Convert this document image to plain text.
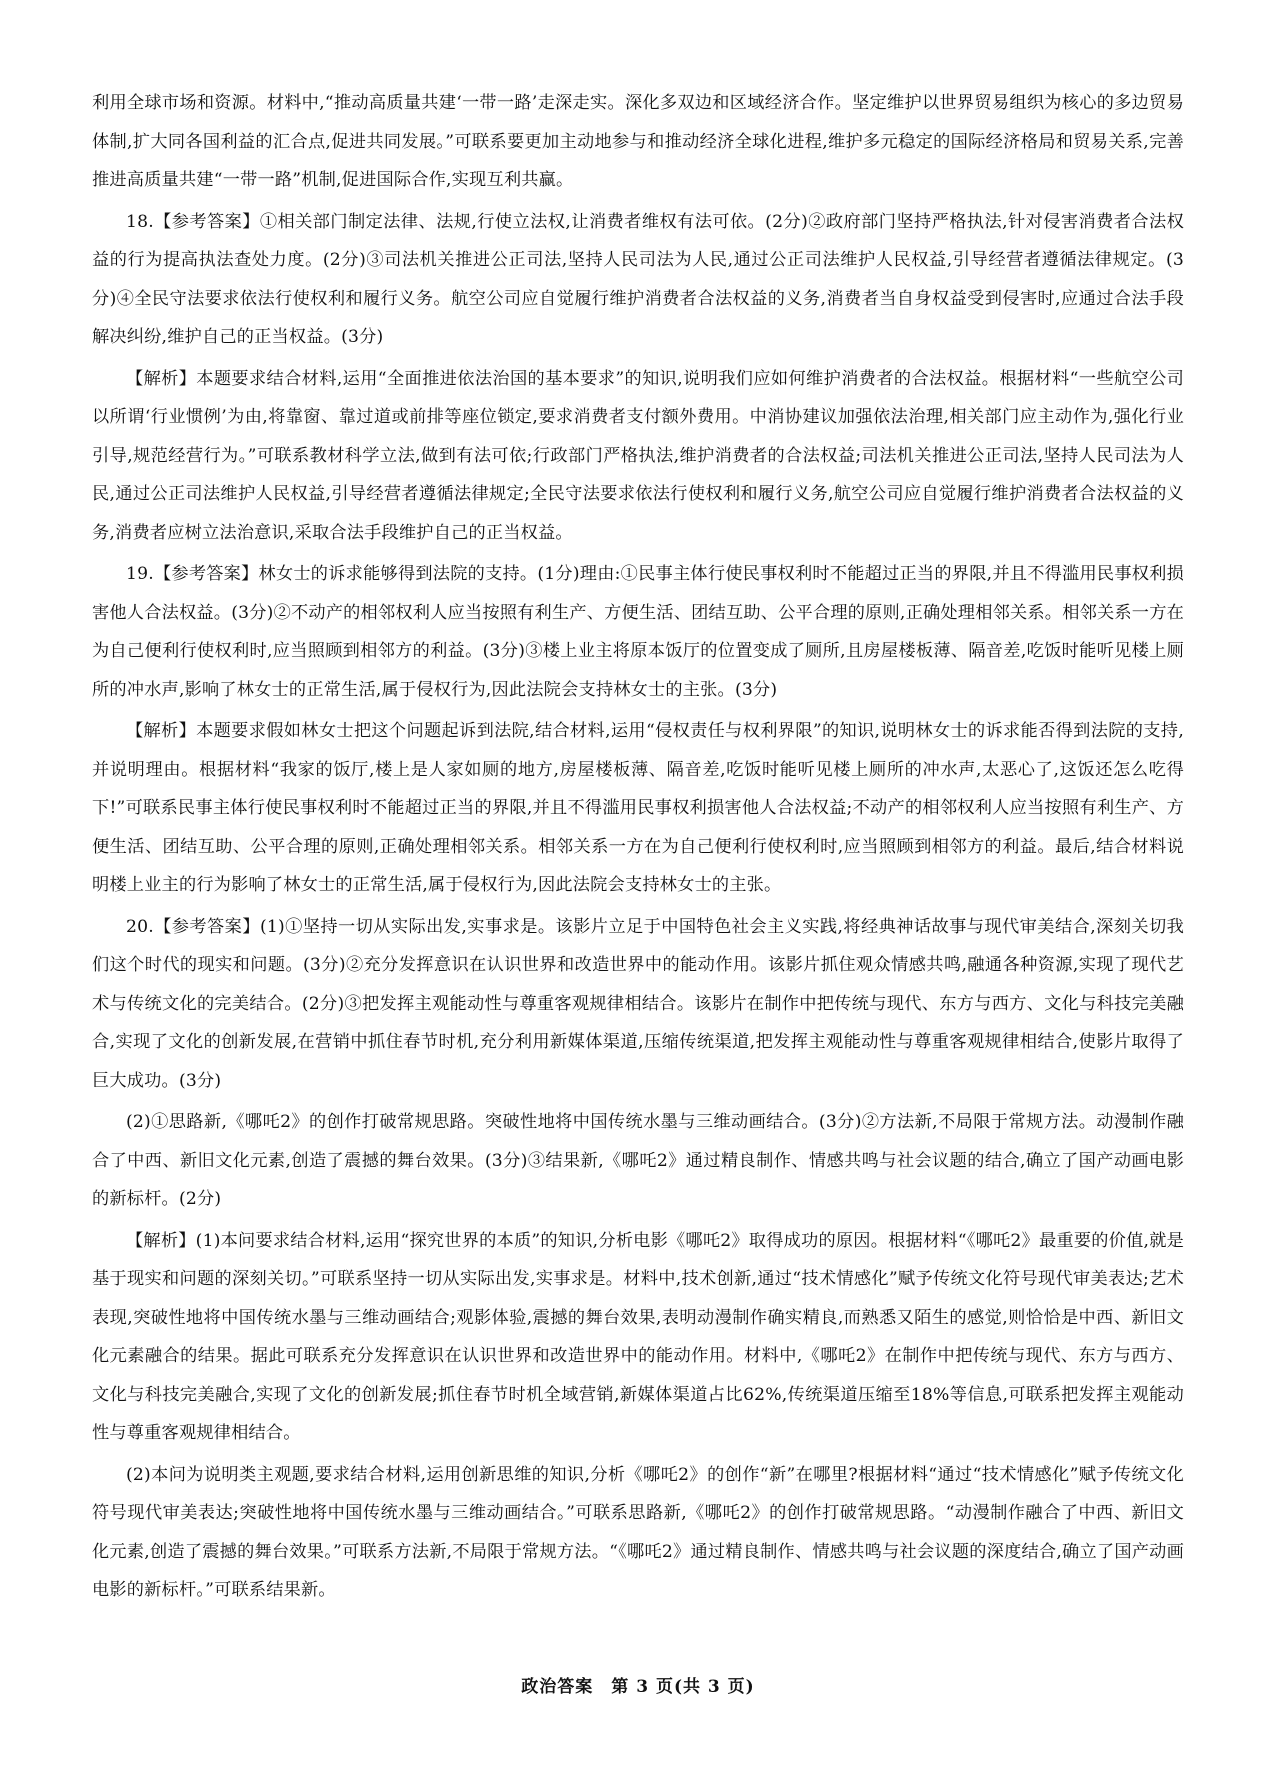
利用全球市场和资源。材料中,“推动高质量共建‘一带一路’走深走实。深化多双边和区域经济合作。坚定维护以世界贸易组织为核心的多边贸易体制,扩大同各国利益的汇合点,促进共同发展。”可联系要更加主动地参与和推动经济全球化进程,维护多元稳定的国际经济格局和贸易关系,完善推进高质量共建“一带一路”机制,促进国际合作,实现互利共赢。

18.【参考答案】①相关部门制定法律、法规,行使立法权,让消费者维权有法可依。(2分)②政府部门坚持严格执法,针对侵害消费者合法权益的行为提高执法查处力度。(2分)③司法机关推进公正司法,坚持人民司法为人民,通过公正司法维护人民权益,引导经营者遵循法律规定。(3分)④全民守法要求依法行使权利和履行义务。航空公司应自觉履行维护消费者合法权益的义务,消费者当自身权益受到侵害时,应通过合法手段解决纠纷,维护自己的正当权益。(3分)

【解析】本题要求结合材料,运用“全面推进依法治国的基本要求”的知识,说明我们应如何维护消费者的合法权益。根据材料“一些航空公司以所谓‘行业惯例’为由,将靠窗、靠过道或前排等座位锁定,要求消费者支付额外费用。中消协建议加强依法治理,相关部门应主动作为,强化行业引导,规范经营行为。”可联系教材科学立法,做到有法可依;行政部门严格执法,维护消费者的合法权益;司法机关推进公正司法,坚持人民司法为人民,通过公正司法维护人民权益,引导经营者遵循法律规定;全民守法要求依法行使权利和履行义务,航空公司应自觉履行维护消费者合法权益的义务,消费者应树立法治意识,采取合法手段维护自己的正当权益。

19.【参考答案】林女士的诉求能够得到法院的支持。(1分)理由:①民事主体行使民事权利时不能超过正当的界限,并且不得滥用民事权利损害他人合法权益。(3分)②不动产的相邻权利人应当按照有利生产、方便生活、团结互助、公平合理的原则,正确处理相邻关系。相邻关系一方在为自己便利行使权利时,应当照顾到相邻方的利益。(3分)③楼上业主将原本饭厅的位置变成了厕所,且房屋楼板薄、隔音差,吃饭时能听见楼上厕所的冲水声,影响了林女士的正常生活,属于侵权行为,因此法院会支持林女士的主张。(3分)

【解析】本题要求假如林女士把这个问题起诉到法院,结合材料,运用“侵权责任与权利界限”的知识,说明林女士的诉求能否得到法院的支持,并说明理由。根据材料“我家的饭厅,楼上是人家如厕的地方,房屋楼板薄、隔音差,吃饭时能听见楼上厕所的冲水声,太恶心了,这饭还怎么吃得下!”可联系民事主体行使民事权利时不能超过正当的界限,并且不得滥用民事权利损害他人合法权益;不动产的相邻权利人应当按照有利生产、方便生活、团结互助、公平合理的原则,正确处理相邻关系。相邻关系一方在为自己便利行使权利时,应当照顾到相邻方的利益。最后,结合材料说明楼上业主的行为影响了林女士的正常生活,属于侵权行为,因此法院会支持林女士的主张。

20.【参考答案】(1)①坚持一切从实际出发,实事求是。该影片立足于中国特色社会主义实践,将经典神话故事与现代审美结合,深刻关切我们这个时代的现实和问题。(3分)②充分发挥意识在认识世界和改造世界中的能动作用。该影片抓住观众情感共鸣,融通各种资源,实现了现代艺术与传统文化的完美结合。(2分)③把发挥主观能动性与尊重客观规律相结合。该影片在制作中把传统与现代、东方与西方、文化与科技完美融合,实现了文化的创新发展,在营销中抓住春节时机,充分利用新媒体渠道,压缩传统渠道,把发挥主观能动性与尊重客观规律相结合,使影片取得了巨大成功。(3分)

(2)①思路新,《哪吒2》的创作打破常规思路。突破性地将中国传统水墨与三维动画结合。(3分)②方法新,不局限于常规方法。动漫制作融合了中西、新旧文化元素,创造了震撼的舞台效果。(3分)③结果新,《哪吒2》通过精良制作、情感共鸣与社会议题的结合,确立了国产动画电影的新标杆。(2分)

【解析】(1)本问要求结合材料,运用“探究世界的本质”的知识,分析电影《哪吒2》取得成功的原因。根据材料“《哪吒2》最重要的价值,就是基于现实和问题的深刻关切。”可联系坚持一切从实际出发,实事求是。材料中,技术创新,通过“技术情感化”赋予传统文化符号现代审美表达;艺术表现,突破性地将中国传统水墨与三维动画结合;观影体验,震撼的舞台效果,表明动漫制作确实精良,而熟悉又陌生的感觉,则恰恰是中西、新旧文化元素融合的结果。据此可联系充分发挥意识在认识世界和改造世界中的能动作用。材料中,《哪吒2》在制作中把传统与现代、东方与西方、文化与科技完美融合,实现了文化的创新发展;抓住春节时机全域营销,新媒体渠道占比62%,传统渠道压缩至18%等信息,可联系把发挥主观能动性与尊重客观规律相结合。

(2)本问为说明类主观题,要求结合材料,运用创新思维的知识,分析《哪吒2》的创作“新”在哪里?根据材料“通过“技术情感化”赋予传统文化符号现代审美表达;突破性地将中国传统水墨与三维动画结合。”可联系思路新,《哪吒2》的创作打破常规思路。“动漫制作融合了中西、新旧文化元素,创造了震撼的舞台效果。”可联系方法新,不局限于常规方法。“《哪吒2》通过精良制作、情感共鸣与社会议题的深度结合,确立了国产动画电影的新标杆。”可联系结果新。

政治答案　第 3 页(共 3 页)
